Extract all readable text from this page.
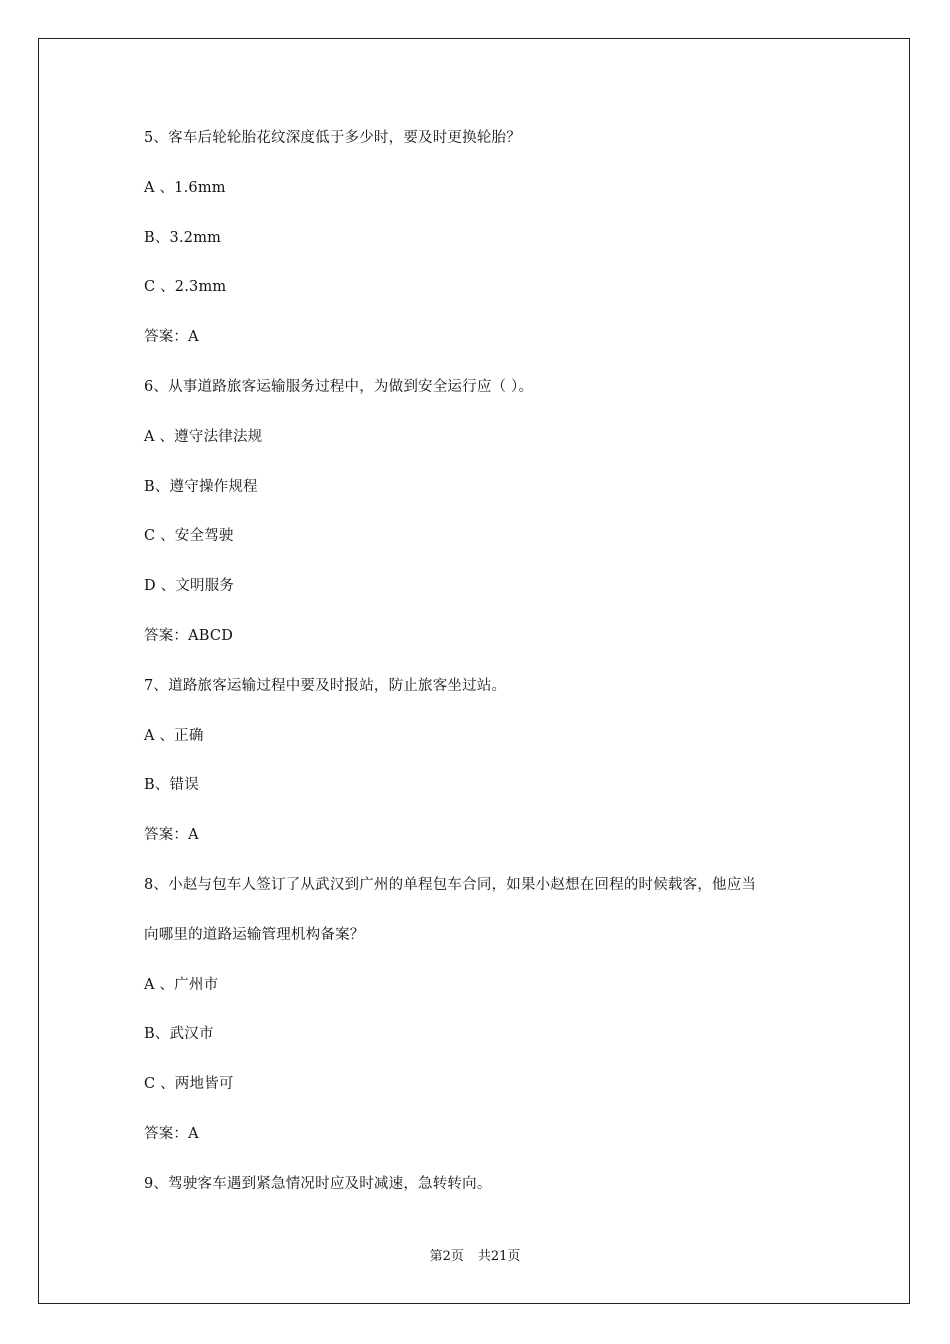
5、客车后轮轮胎花纹深度低于多少时，要及时更换轮胎？
A 、1.6mm
B、3.2mm
C 、2.3mm
答案：A
6、从事道路旅客运输服务过程中，为做到安全运行应（ ）。
A 、遵守法律法规
B、遵守操作规程
C 、安全驾驶
D 、文明服务
答案：ABCD
7、道路旅客运输过程中要及时报站，防止旅客坐过站。
A 、正确
B、错误
答案：A
8、小赵与包车人签订了从武汉到广州的单程包车合同，如果小赵想在回程的时候载客，他应当
向哪里的道路运输管理机构备案？
A 、广州市
B、武汉市
C 、两地皆可
答案：A
9、驾驶客车遇到紧急情况时应及时减速，急转转向。
第2页 共21页
